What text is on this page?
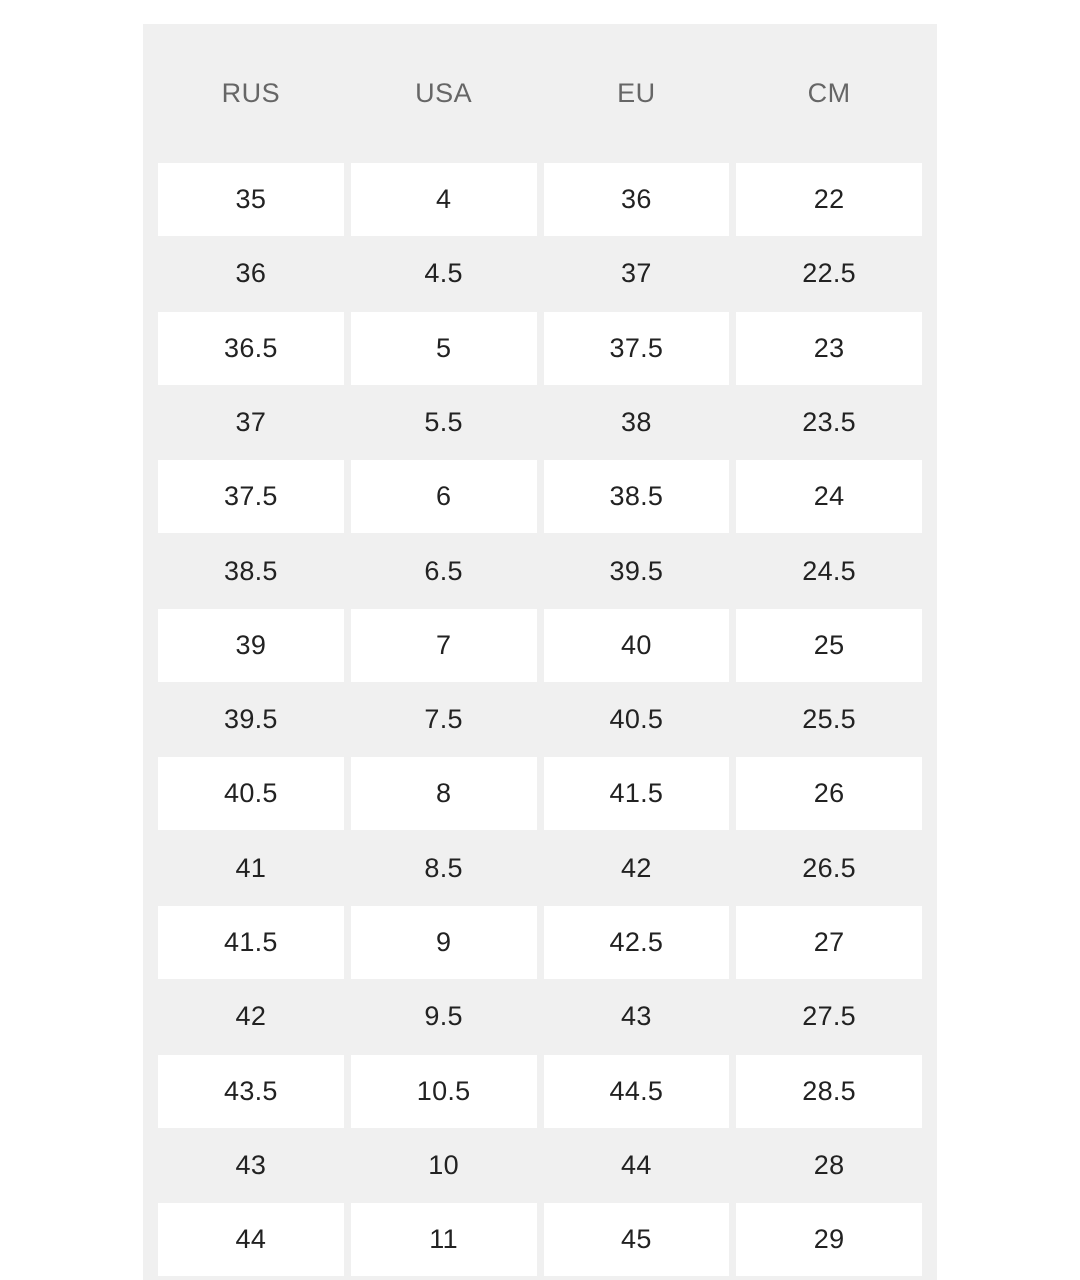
RUS	USA	EU	CM
35	4	36	22
36	4.5	37	22.5
36.5	5	37.5	23
37	5.5	38	23.5
37.5	6	38.5	24
38.5	6.5	39.5	24.5
39	7	40	25
39.5	7.5	40.5	25.5
40.5	8	41.5	26
41	8.5	42	26.5
41.5	9	42.5	27
42	9.5	43	27.5
43.5	10.5	44.5	28.5
43	10	44	28
44	11	45	29
